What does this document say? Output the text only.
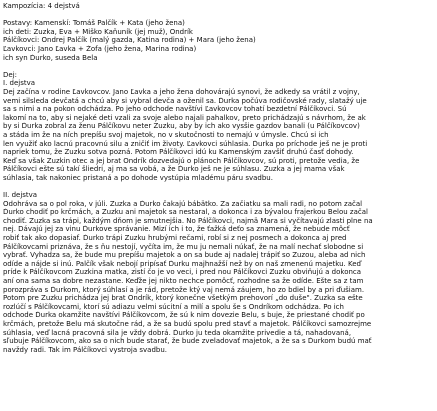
Kampozícia: 4 dejstvá
Postavy: Kamenskí: Tomáš Palčík + Kata (jeho žena)
ich deti: Zuzka, Eva + Miško Kaňuník (jej muž), Ondrík
Pálčíkovci: Ondrej Palčík (malý gazda, Katina rodina) + Mara (jeho žena)
Ľavkovci: Jano Ľavka + Žofa (jeho žena, Marina rodina)
ich syn Ďurko, suseda Bela
Dej:
I. dejstva
Dej začína v rodine Ľavkovcov. Jano Ľavka a jeho žena dohovárajú synovi, že adkedy sa vrátil z vojny,
vemi silsleda devčatá a chcú aby si vybral devča a oženil sa. Ďurka počúva rodičovské rady, slatažý uje
sa s nimi a na pokon odchádza. Po jeho odchode navštívi Ľavkovcov tohatí bezdetní Pálčíkovci. Sú
lakomí na to, aby si nejaké deti vzali za svoje alebo najali pahalkov, preto prichádzajú s návrhom, že ak
by si Ďurka zobral za ženu Pálčíkovu neter Zuzku, aby by ich ako vysšie gazdov banali (u Pálčíkovcov)
a stáda im že na ních prepíšu svoj majetok, no v skutočnosti to nemajú v úmysle. Chcú si ich
len využiť ako lacnú pracovnú silu a zničiť im životy. Ľavkovci súhlasia. Ďurka po príchode ješ ne je proti
napriek tomu, že Zuzku sotva pozná. Potom Pálčíkovci idú ku Kamenským zavšiť druhú časť dohody.
Keď sa však Zuzkin otec a jej brat Ondrík dozvedajú o plánoch Pálčíkovcov, sú proti, pretože vedia, že
Pálčíkovci ešte sú takí šliedri, aj ma sa vobá, a že Ďurko ješ ne je súhlasu. Zuzka a jej mama však
súhlasia, tak nakoniec pristaná a po dohode vystúpia mladému páru svadbu.
II. dejstva
Odohráva sa o pol roka, v júli. Zuzka a Ďurko čakajú bábätko. Za začiatku sa mali radi, no potom začal
Ďurko chodiť po krčmách, a Zuzku ani majetok sa nestaral, a dokonca i za bývalou frajerkou Belou začal
chodiť. Zuzka sa trápi, každým dňom je smutnejšia. No Pálčíkovci, najmä Mara si vyčítavajú zlasti plne na
nej. Dávajú jej za vinu Ďurkove správanie. Mizí ich i to, že ťažká deťo sa znamená, že nebude môcť
robiť tak ako dopasiaf. Ďurko trápi Zuzku hrubými rečami, robí si z nej posmech a dokonca aj pred
Pálčíkovcami priznáva, že s ňu nestojí, vyčíta im, že mu ju nemali núkať, že na malí nechať slobodne si
vybrať. Vyhadza sa, že bude mu prepíšu majetok a on sa bude aj nadalej trápiť so Zuzou, aleba ad nich
odíde a nájde si inú. Palčík však nebojí pripísať Ďurku majhnažší než by on naš zmenenú majetku. Keď
príde k Pálčíkovcom Zuzkina matka, zistí čo je vo veci, i pred nou Pálčíkovci Zuzku obviňujú a dokonca
aní ona sama sa dobre nezastane. Keďže jej nikto nechce pomôcť, rozhodne sa že odíde. Ešte sa z tam
porozpráva s Ďurkom, ktorý súhlasí a je rád, pretože ktý vaj nemá záujem, ho zo bdiel by a pri ďušiam.
Potom pre Zuzku prichádza jej brat Ondrík, ktorý konečne všetkým prehovorí „do duše". Zuzka sa ešte
rozlúčí s Pálčíkovcami, ktorí sú adiazu velmi súcitní a milí a spolu še s Ondríkom odchádza. Po ich
odchode Ďurka okamžite navštívi Pálčíkovcom, že sú k nim dovezie Belu, s buje, že priestané chodiť po
krčmách, pretože Belu má skutočne rád, a že sa budú spolu pred stavť a majetok. Pálčíkovci samozrejme
súhlasia, veď lacná pracovná sila je vždy dobrá. Ďurko ju teda okamžite privedie a tá, nahadovaná,
sľubuje Pálčíkovcom, ako sa o nich bude starať, že bude zveladovať majetok, a že sa s Ďurkom budú mať
navždy radi. Tak im Pálčíkovci vystroja svadbu.
